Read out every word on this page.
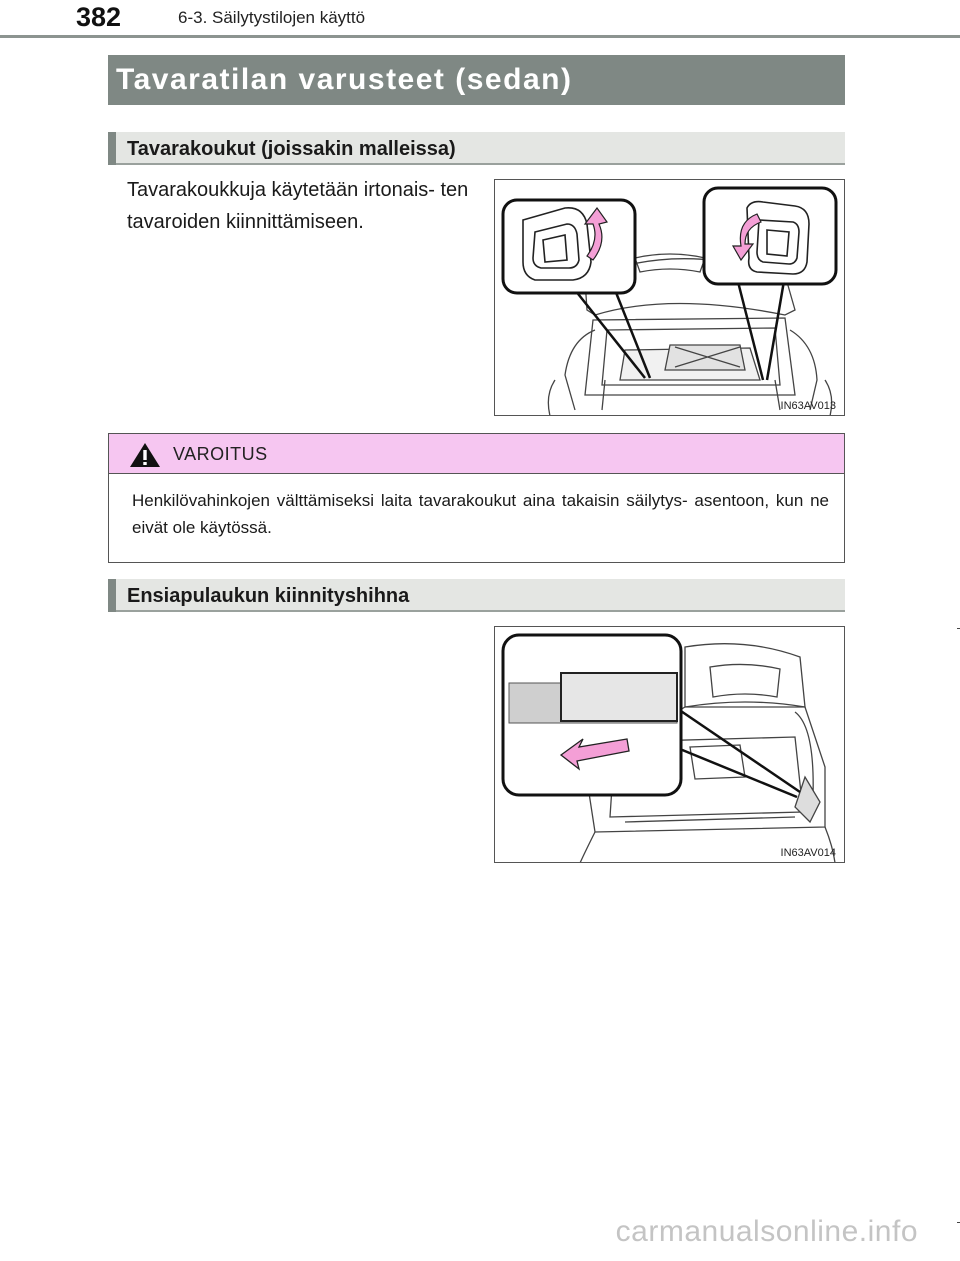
382	6-3. Säilytystilojen käyttö
Tavaratilan varusteet (sedan)
Tavarakoukut (joissakin malleissa)
Tavarakoukkuja käytetään irtonais- ten tavaroiden kiinnittämiseen.
IN63AV013
VAROITUS
Henkilövahinkojen välttämiseksi laita tavarakoukut aina takaisin säilytys- asentoon, kun ne eivät ole käytössä.
Ensiapulaukun kiinnityshihna
IN63AV014
carmanualsonline.info
